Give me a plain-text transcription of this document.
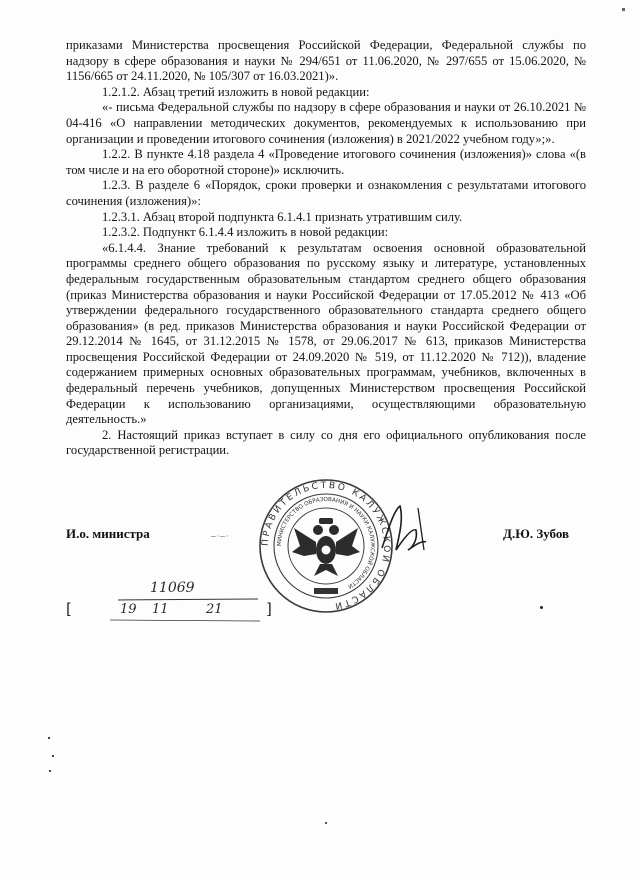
приказами Министерства просвещения Российской Федерации, Федеральной службы по надзору в сфере образования и науки № 294/651 от 11.06.2020, № 297/655 от 15.06.2020, № 1156/665 от 24.11.2020, № 105/307 от 16.03.2021)».

1.2.1.2. Абзац третий изложить в новой редакции:

«- письма Федеральной службы по надзору в сфере образования и науки от 26.10.2021 № 04-416 «О направлении методических документов, рекомендуемых к использованию при организации и проведении итогового сочинения (изложения) в 2021/2022 учебном году»;».

1.2.2. В пункте 4.18 раздела 4 «Проведение итогового сочинения (изложения)» слова «(в том числе и на его оборотной стороне)» исключить.

1.2.3. В разделе 6 «Порядок, сроки проверки и ознакомления с результатами итогового сочинения (изложения)»:

1.2.3.1. Абзац второй подпункта 6.1.4.1 признать утратившим силу.

1.2.3.2. Подпункт 6.1.4.4 изложить в новой редакции:

«6.1.4.4. Знание требований к результатам освоения основной образовательной программы среднего общего образования по русскому языку и литературе, установленных федеральным государственным образовательным стандартом среднего общего образования (приказ Министерства образования и науки Российской Федерации от 17.05.2012 № 413 «Об утверждении федерального государственного образовательного стандарта среднего общего образования» (в ред. приказов Министерства образования и науки Российской Федерации от 29.12.2014 № 1645, от 31.12.2015 № 1578, от 29.06.2017 № 613, приказов Министерства просвещения Российской Федерации от 24.09.2020 № 519, от 11.12.2020 № 712)), владение содержанием примерных основных образовательных программам, учебников, включенных в федеральный перечень учебников, допущенных Министерством просвещения Российской Федерации к использованию организациями, осуществляющими образовательную деятельность.»

2. Настоящий приказ вступает в силу со дня его официального опубликования после государственной регистрации.

И.о. министра	Д.Ю. Зубов
ПРАВИТЕЛЬСТВО КАЛУЖСКОЙ ОБЛАСТИ
МИНИСТЕРСТВО ОБРАЗОВАНИЯ И НАУКИ КАЛУЖСКОЙ ОБЛАСТИ
~·~·
11069
[	]
19 11	21
